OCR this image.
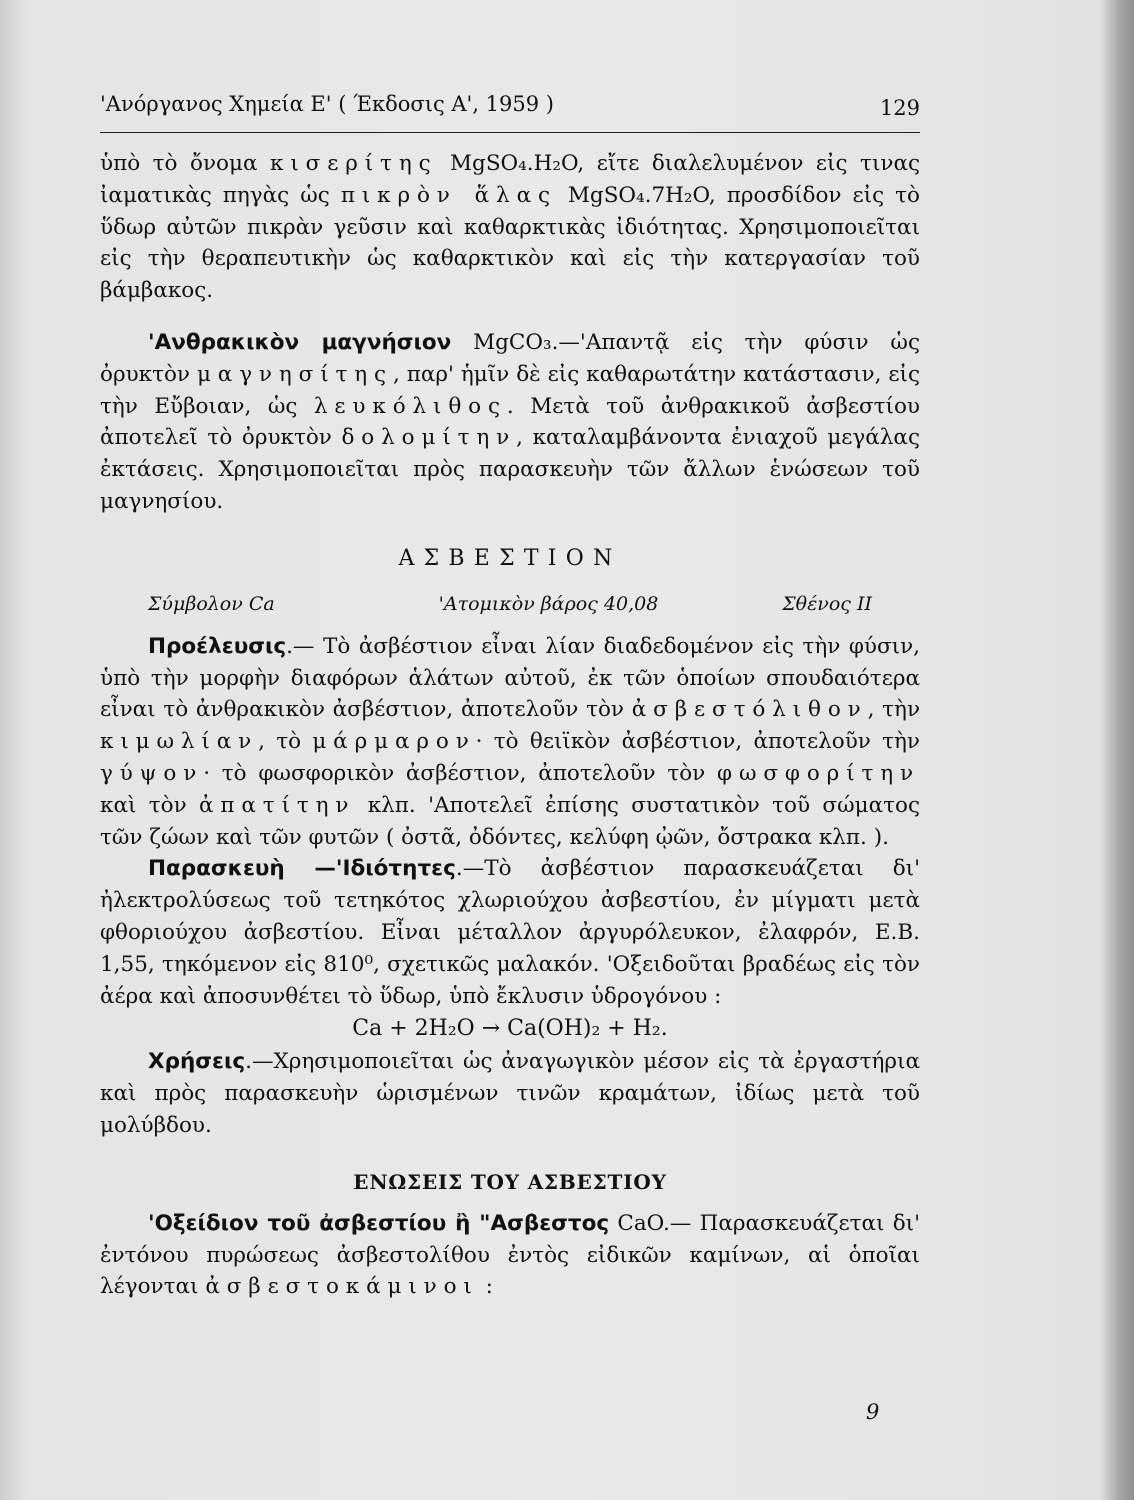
'Ανόργανος Χημεία Ε' ( Έκδοσις Α', 1959 )	129

ὑπὸ τὸ ὄνομα κισερίτης MgSO₄.H₂O, εἴτε διαλελυμένον εἰς τινας ἰαματικὰς πηγὰς ὡς πικρὸν ἅλας MgSO₄.7H₂O, προσδίδον εἰς τὸ ὕδωρ αὐτῶν πικρὰν γεῦσιν καὶ καθαρκτικὰς ἰδιότητας. Χρησιμοποιεῖται εἰς τὴν θεραπευτικὴν ὡς καθαρκτικὸν καὶ εἰς τὴν κατεργασίαν τοῦ βάμβακος.

'Ανθρακικὸν μαγνήσιον MgCO₃.—'Απαντᾷ εἰς τὴν φύσιν ὡς ὀρυκτὸν μαγνησίτης, παρ' ἡμῖν δὲ εἰς καθαρωτάτην κατάστασιν, εἰς τὴν Εὔβοιαν, ὡς λευκόλιθος. Μετὰ τοῦ ἀνθρακικοῦ ἀσβεστίου ἀποτελεῖ τὸ ὀρυκτὸν δολομίτην, καταλαμβάνοντα ἐνιαχοῦ μεγάλας ἐκτάσεις. Χρησιμοποιεῖται πρὸς παρασκευὴν τῶν ἄλλων ἑνώσεων τοῦ μαγνησίου.

ΑΣΒΕΣΤΙΟΝ
Σύμβολον Ca	'Ατομικὸν βάρος 40,08	Σθένος II

Προέλευσις.— Τὸ ἀσβέστιον εἶναι λίαν διαδεδομένον εἰς τὴν φύσιν, ὑπὸ τὴν μορφὴν διαφόρων ἁλάτων αὐτοῦ, ἐκ τῶν ὁποίων σπουδαιότερα εἶναι τὸ ἀνθρακικὸν ἀσβέστιον, ἀποτελοῦν τὸν ἀσβεστόλιθον, τὴν κιμωλίαν, τὸ μάρμαρον· τὸ θειϊκὸν ἀσβέστιον, ἀποτελοῦν τὴν γύψον· τὸ φωσφορικὸν ἀσβέστιον, ἀποτελοῦν τὸν φωσφορίτην καὶ τὸν ἀπατίτην κλπ. 'Αποτελεῖ ἐπίσης συστατικὸν τοῦ σώματος τῶν ζώων καὶ τῶν φυτῶν ( ὀστᾶ, ὀδόντες, κελύφη ᾠῶν, ὄστρακα κλπ. ).

Παρασκευὴ —'Ιδιότητες.—Τὸ ἀσβέστιον παρασκευάζεται δι' ἠλεκτρολύσεως τοῦ τετηκότος χλωριούχου ἀσβεστίου, ἐν μίγματι μετὰ φθοριούχου ἀσβεστίου. Εἶναι μέταλλον ἀργυρόλευκον, ἐλαφρόν, Ε.Β. 1,55, τηκόμενον εἰς 810⁰, σχετικῶς μαλακόν. 'Οξειδοῦται βραδέως εἰς τὸν ἀέρα καὶ ἀποσυνθέτει τὸ ὕδωρ, ὑπὸ ἔκλυσιν ὑδρογόνου :

Ca + 2H₂O → Ca(OH)₂ + H₂.

Χρήσεις.—Χρησιμοποιεῖται ὡς ἀναγωγικὸν μέσον εἰς τὰ ἐργαστήρια καὶ πρὸς παρασκευὴν ὡρισμένων τινῶν κραμάτων, ἰδίως μετὰ τοῦ μολύβδου.

ΕΝΩΣΕΙΣ ΤΟΥ ΑΣΒΕΣΤΙΟΥ

'Οξείδιον τοῦ ἀσβεστίου ἢ "Ασβεστος CaO.— Παρασκευάζεται δι' ἐντόνου πυρώσεως ἀσβεστολίθου ἐντὸς εἰδικῶν καμίνων, αἱ ὁποῖαι λέγονται ἀσβεστοκάμινοι :

9
